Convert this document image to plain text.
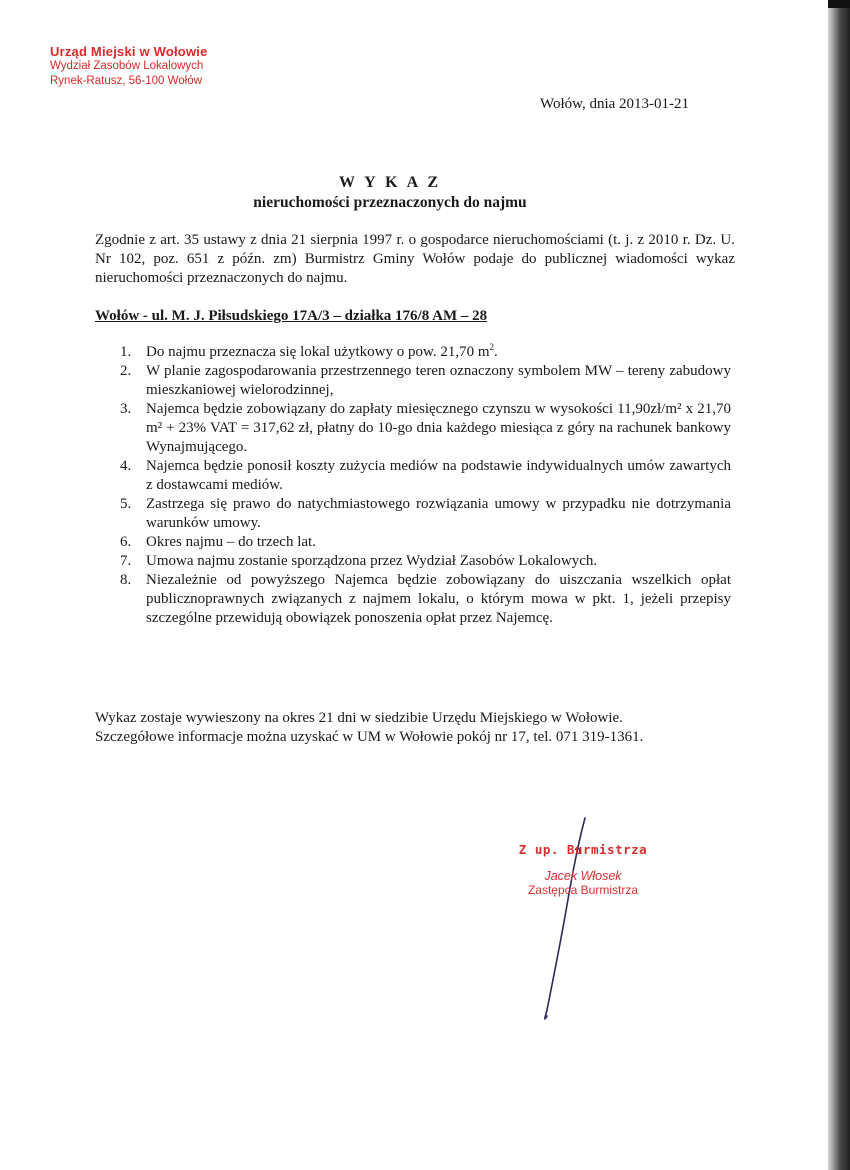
Urząd Miejski w Wołowie
Wydział Zasobów Lokalowych
Rynek-Ratusz, 56-100 Wołów
Wołów, dnia 2013-01-21
W Y K A Z
nieruchomości przeznaczonych do najmu
Zgodnie z art. 35 ustawy z dnia 21 sierpnia 1997 r. o gospodarce nieruchomościami (t. j. z 2010 r. Dz. U. Nr 102, poz. 651 z późn. zm) Burmistrz Gminy Wołów podaje do publicznej wiadomości wykaz nieruchomości przeznaczonych do najmu.
Wołów - ul. M. J. Piłsudskiego 17A/3 – działka 176/8 AM – 28
1. Do najmu przeznacza się lokal użytkowy o pow. 21,70 $m^2$.
2. W planie zagospodarowania przestrzennego teren oznaczony symbolem MW – tereny zabudowy mieszkaniowej wielorodzinnej,
3. Najemca będzie zobowiązany do zapłaty miesięcznego czynszu w wysokości 11,90zł/m² x 21,70 m² + 23% VAT = 317,62 zł, płatny do 10-go dnia każdego miesiąca z góry na rachunek bankowy Wynajmującego.
4. Najemca będzie ponosił koszty zużycia mediów na podstawie indywidualnych umów zawartych z dostawcami mediów.
5. Zastrzega się prawo do natychmiastowego rozwiązania umowy w przypadku nie dotrzymania warunków umowy.
6. Okres najmu – do trzech lat.
7. Umowa najmu zostanie sporządzona przez Wydział Zasobów Lokalowych.
8. Niezależnie od powyższego Najemca będzie zobowiązany do uiszczania wszelkich opłat publicznoprawnych związanych z najmem lokalu, o którym mowa w pkt. 1, jeżeli przepisy szczególne przewidują obowiązek ponoszenia opłat przez Najemcę.
Wykaz zostaje wywieszony na okres 21 dni w siedzibie Urzędu Miejskiego w Wołowie.
Szczegółowe informacje można uzyskać w UM w Wołowie pokój nr 17, tel. 071 319-1361.
Z up. Burmistrza
Jacek Włosek
Zastępca Burmistrza
